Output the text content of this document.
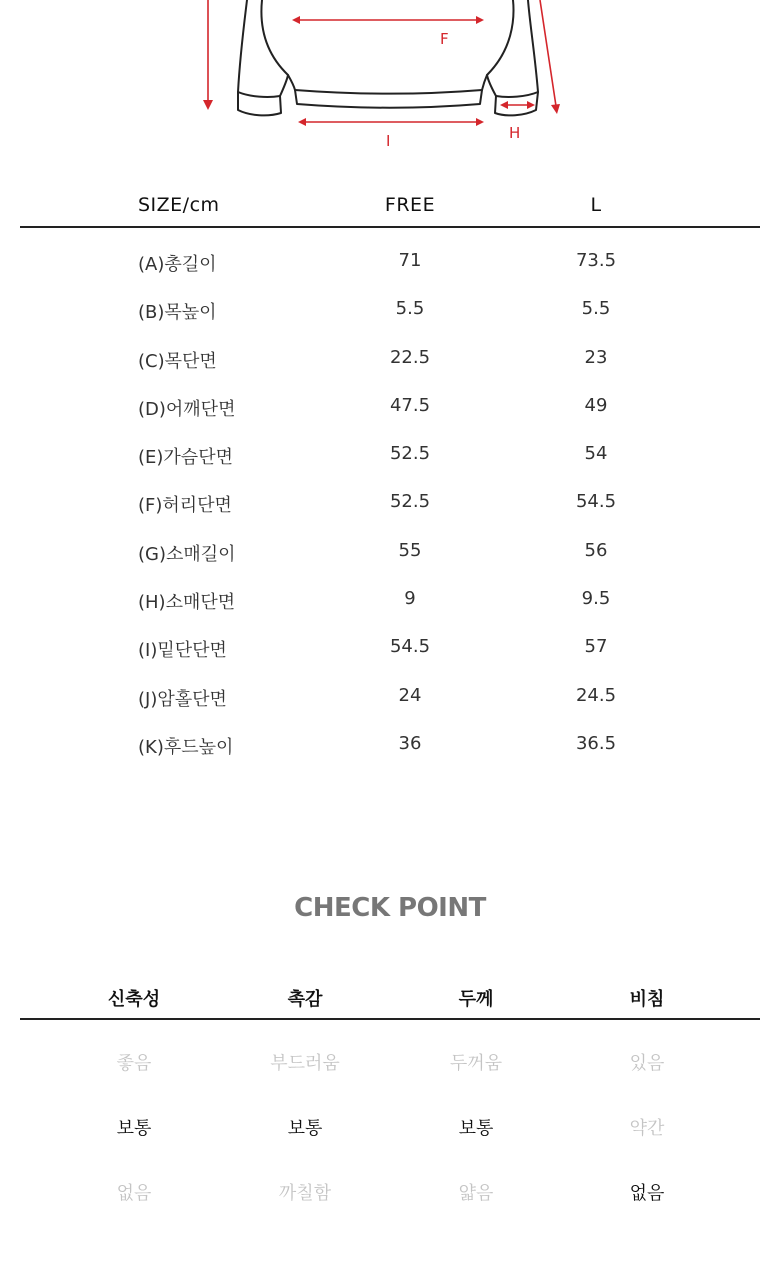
F
I	H
SIZE/cm	FREE	L
(A)총길이	71	73.5
(B)목높이	5.5	5.5
(C)목단면	22.5	23
(D)어깨단면	47.5	49
(E)가슴단면	52.5	54
(F)허리단면	52.5	54.5
(G)소매길이	55	56
(H)소매단면	9	9.5
(I)밑단단면	54.5	57
(J)암홀단면	24	24.5
(K)후드높이	36	36.5
CHECK POINT
신축성	촉감	두께	비침
좋음	부드러움	두꺼움	있음
보통	보통	보통	약간
없음	까칠함	얇음	없음
